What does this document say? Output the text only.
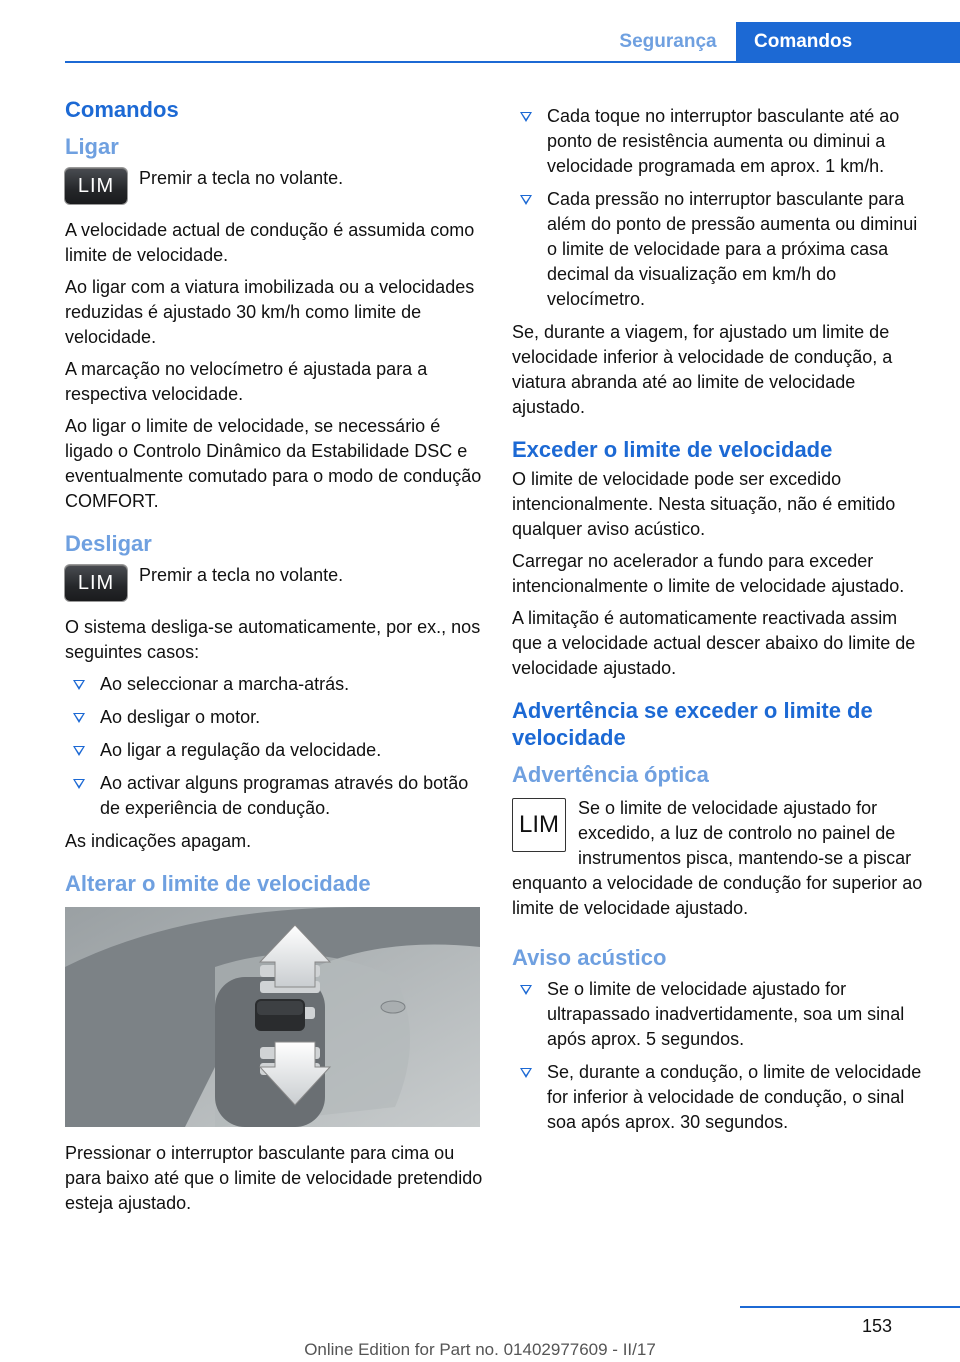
Segurança	Comandos
Comandos
Ligar
LIM	Premir a tecla no volante.

A velocidade actual de condução é assumida como limite de velocidade.

Ao ligar com a viatura imobilizada ou a velocidades reduzidas é ajustado 30 km/h como limite de velocidade.

A marcação no velocímetro é ajustada para a respectiva velocidade.

Ao ligar o limite de velocidade, se necessário é ligado o Controlo Dinâmico da Estabilidade DSC e eventualmente comutado para o modo de condução COMFORT.

Desligar
LIM	Premir a tecla no volante.

O sistema desliga-se automaticamente, por ex., nos seguintes casos:

Ao seleccionar a marcha-atrás.
Ao desligar o motor.
Ao ligar a regulação da velocidade.
Ao activar alguns programas através do botão de experiência de condução.

As indicações apagam.

Alterar o limite de velocidade

Pressionar o interruptor basculante para cima ou para baixo até que o limite de velocidade pretendido esteja ajustado.

Cada toque no interruptor basculante até ao ponto de resistência aumenta ou diminui a velocidade programada em aprox. 1 km/h.
Cada pressão no interruptor basculante para além do ponto de pressão aumenta ou diminui o limite de velocidade para a próxima casa decimal da visualização em km/h do velocímetro.

Se, durante a viagem, for ajustado um limite de velocidade inferior à velocidade de condução, a viatura abranda até ao limite de velocidade ajustado.

Exceder o limite de velocidade

O limite de velocidade pode ser excedido intencionalmente. Nesta situação, não é emitido qualquer aviso acústico.

Carregar no acelerador a fundo para exceder intencionalmente o limite de velocidade ajustado.

A limitação é automaticamente reactivada assim que a velocidade actual descer abaixo do limite de velocidade ajustado.

Advertência se exceder o limite de velocidade
Advertência óptica
LIM

Se o limite de velocidade ajustado for excedido, a luz de controlo no painel de instrumentos pisca, mantendo-se a piscar enquanto a velocidade de condução for superior ao limite de velocidade ajustado.

Aviso acústico
Se o limite de velocidade ajustado for ultrapassado inadvertidamente, soa um sinal após aprox. 5 segundos.
Se, durante a condução, o limite de velocidade for inferior à velocidade de condução, o sinal soa após aprox. 30 segundos.
153
Online Edition for Part no. 01402977609 - II/17
